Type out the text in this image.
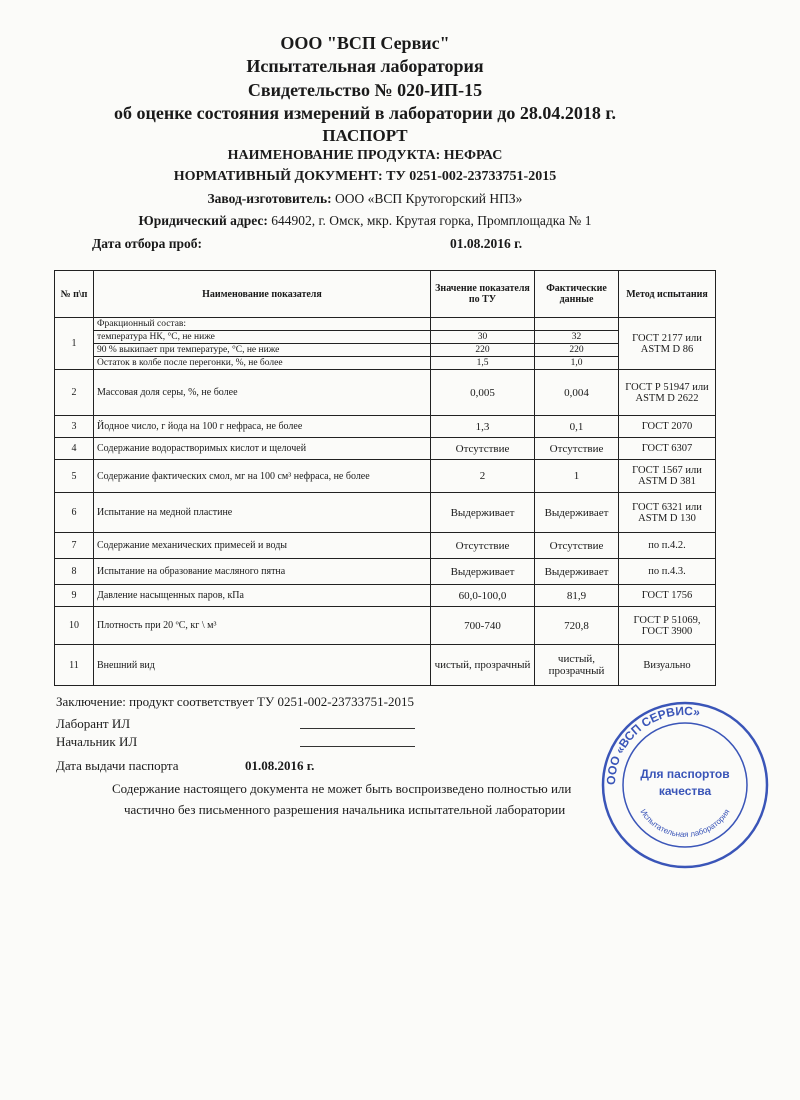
ООО "ВСП Сервис"
Испытательная лаборатория
Свидетельство № 020-ИП-15
об оценке состояния измерений в лаборатории до 28.04.2018 г.
ПАСПОРТ
НАИМЕНОВАНИЕ ПРОДУКТА: НЕФРАС
НОРМАТИВНЫЙ ДОКУМЕНТ: ТУ 0251-002-23733751-2015
Завод-изготовитель: ООО «ВСП Крутогорский НПЗ»
Юридический адрес: 644902, г. Омск, мкр. Крутая горка, Промплощадка № 1
Дата отбора проб:	01.08.2016 г.
№ п\п	Наименование показателя	Значение показателя по ТУ	Фактические данные	Метод испытания
1	Фракционный состав:			ГОСТ 2177 или ASTM D 86
	температура НК, °С, не ниже	30	32	
	90 % выкипает при температуре, °С, не ниже	220	220	
	Остаток в колбе после перегонки, %, не более	1,5	1,0	
2	Массовая доля серы, %, не более	0,005	0,004	ГОСТ Р 51947 или ASTM D 2622
3	Йодное число, г йода на 100 г нефраса, не более	1,3	0,1	ГОСТ 2070
4	Содержание водорастворимых кислот и щелочей	Отсутствие	Отсутствие	ГОСТ 6307
5	Содержание фактических смол, мг на 100 см³ нефраса, не более	2	1	ГОСТ 1567 или ASTM D 381
6	Испытание на медной пластине	Выдерживает	Выдерживает	ГОСТ 6321 или ASTM D 130
7	Содержание механических примесей и воды	Отсутствие	Отсутствие	по п.4.2.
8	Испытание на образование масляного пятна	Выдерживает	Выдерживает	по п.4.3.
9	Давление насыщенных паров, кПа	60,0-100,0	81,9	ГОСТ 1756
10	Плотность при 20 ºС, кг \ м³	700-740	720,8	ГОСТ Р 51069, ГОСТ 3900
11	Внешний вид	чистый, прозрачный	чистый, прозрачный	Визуально
Заключение: продукт соответствует ТУ 0251-002-23733751-2015
Лаборант ИЛ
Начальник ИЛ
Дата выдачи паспорта	01.08.2016 г.
Содержание настоящего документа не может быть воспроизведено полностью или
частично без письменного разрешения начальника испытательной лаборатории
ООО «ВСП СЕРВИС»
Испытательная лаборатория
Для паспортов
качества
